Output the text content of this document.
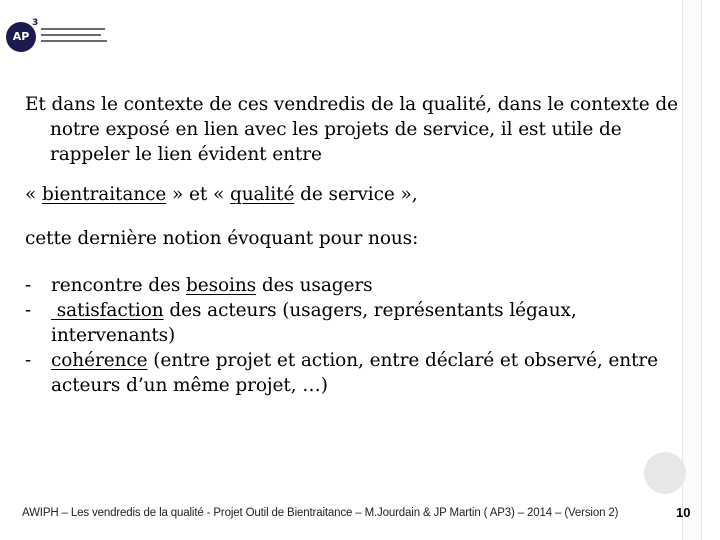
AP
3

Et dans le contexte de ces vendredis de la qualité, dans le contexte de notre exposé en lien avec les projets de service, il est utile de rappeler le lien évident entre

« bientraitance » et « qualité de service »,

cette dernière notion évoquant pour nous:

- rencontre des besoins des usagers
- satisfaction des acteurs (usagers, représentants légaux, intervenants)
- cohérence (entre projet et action, entre déclaré et observé, entre acteurs d’un même projet, …)
AWIPH – Les vendredis de la qualité - Projet Outil de Bientraitance – M.Jourdain & JP Martin ( AP3) – 2014 – (Version 2)	10
